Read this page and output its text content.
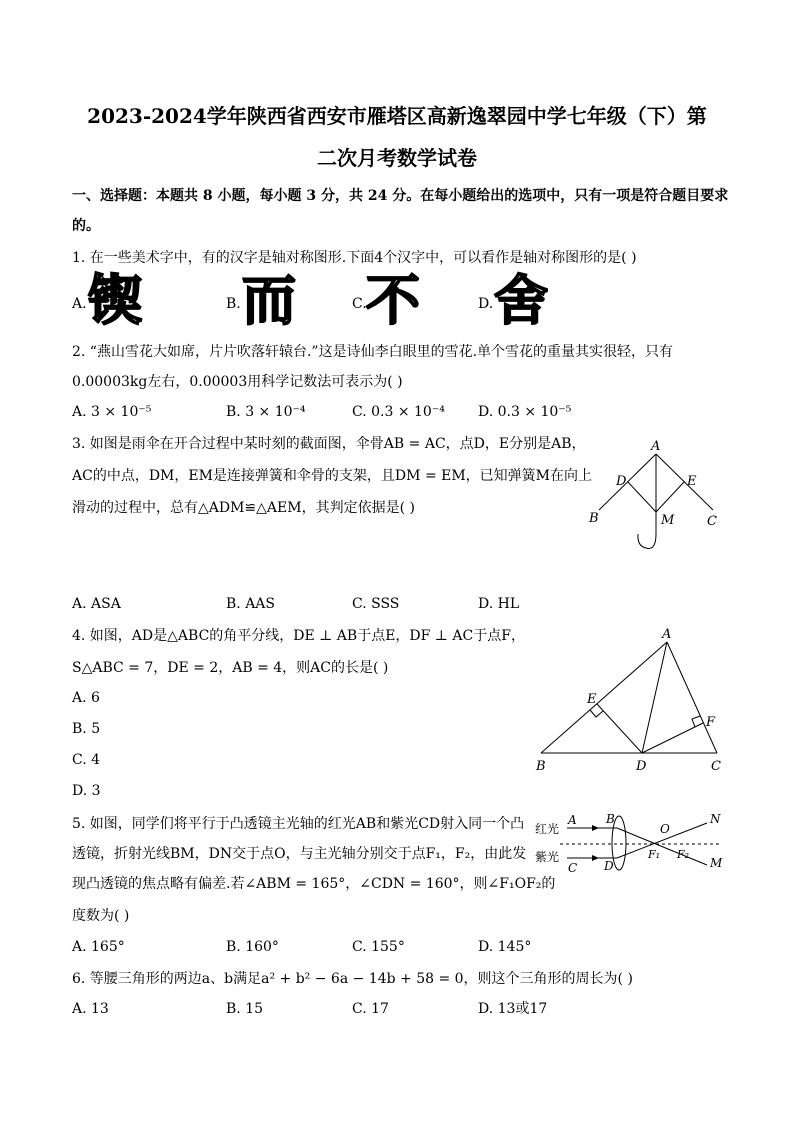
2023-2024学年陕西省西安市雁塔区高新逸翠园中学七年级（下）第
二次月考数学试卷
一、选择题：本题共 8 小题，每小题 3 分，共 24 分。在每小题给出的选项中，只有一项是符合题目要求
的。
1. 在一些美术字中，有的汉字是轴对称图形.下面4个汉字中，可以看作是轴对称图形的是( )
A. 锲	B. 而	C. 不	D. 舍
2. “燕山雪花大如席，片片吹落轩辕台.”这是诗仙李白眼里的雪花.单个雪花的重量其实很轻，只有
0.00003kg左右，0.00003用科学记数法可表示为( )
A. 3 × 10⁻⁵	B. 3 × 10⁻⁴	C. 0.3 × 10⁻⁴ D. 0.3 × 10⁻⁵
3. 如图是雨伞在开合过程中某时刻的截面图，伞骨AB = AC，点D，E分别是AB，
AC的中点，DM，EM是连接弹簧和伞骨的支架，且DM = EM，已知弹簧M在向上
滑动的过程中，总有△ADM≌△AEM，其判定依据是( )
A
D	E
B	M	C
A. ASA	B. AAS	C. SSS	D. HL
4. 如图，AD是△ABC的角平分线，DE ⊥ AB于点E，DF ⊥ AC于点F，
S△ABC = 7，DE = 2，AB = 4，则AC的长是( )
A. 6
B. 5
C. 4
D. 3
A
E
F
B	D	C
5. 如图，同学们将平行于凸透镜主光轴的红光AB和紫光CD射入同一个凸
透镜，折射光线BM，DN交于点O，与主光轴分别交于点F₁，F₂，由此发
现凸透镜的焦点略有偏差.若∠ABM = 165°，∠CDN = 160°，则∠F₁OF₂的
度数为( )
红光
紫光
A B
C D
O
N
M
F₁ F₂
A. 165°	B. 160°	C. 155°	D. 145°
6. 等腰三角形的两边a、b满足a² + b² − 6a − 14b + 58 = 0，则这个三角形的周长为( )
A. 13	B. 15	C. 17	D. 13或17
